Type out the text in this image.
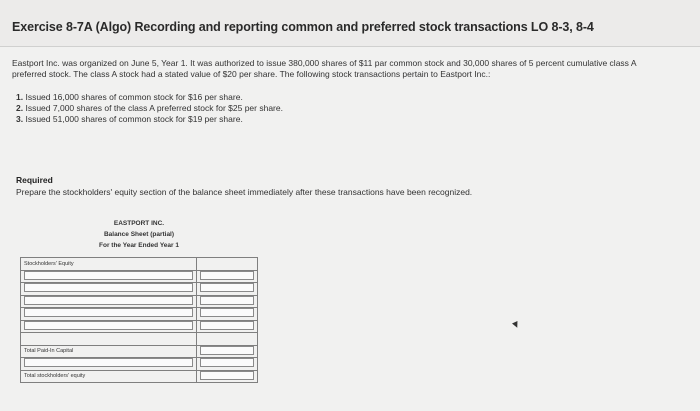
Exercise 8-7A (Algo) Recording and reporting common and preferred stock transactions LO 8-3, 8-4

Eastport Inc. was organized on June 5, Year 1. It was authorized to issue 380,000 shares of $11 par common stock and 30,000 shares of 5 percent cumulative class A preferred stock. The class A stock had a stated value of $20 per share. The following stock transactions pertain to Eastport Inc.:

1. Issued 16,000 shares of common stock for $16 per share.
2. Issued 7,000 shares of the class A preferred stock for $25 per share.
3. Issued 51,000 shares of common stock for $19 per share.
Required
Prepare the stockholders' equity section of the balance sheet immediately after these transactions have been recognized.
EASTPORT INC.
Balance Sheet (partial)
For the Year Ended Year 1
Stockholders' Equity	

Total Paid-In Capital	

Total stockholders' equity	
